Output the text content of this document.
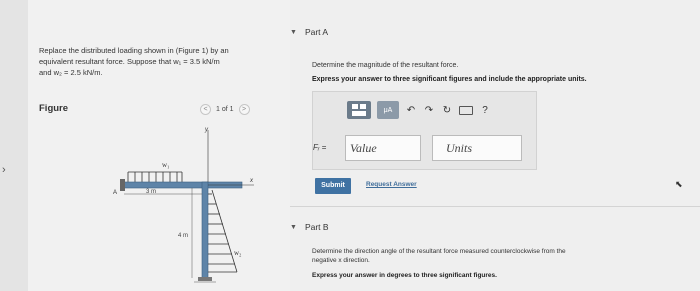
›
Replace the distributed loading shown in (Figure 1) by an
equivalent resultant force. Suppose that w₁ = 3.5 kN/m
and w₂ = 2.5 kN/m.
Figure	<	1 of 1	>
w₁
A
w₂
y
x
3 m
4 m
▼ Part A
Determine the magnitude of the resultant force.
Express your answer to three significant figures and include the appropriate units.
μA	↶ ↷ ↻	?
Fᵣ =	Value	Units
Submit	Request Answer	⬉
▼ Part B
Determine the direction angle of the resultant force measured counterclockwise from the
negative x direction.
Express your answer in degrees to three significant figures.
